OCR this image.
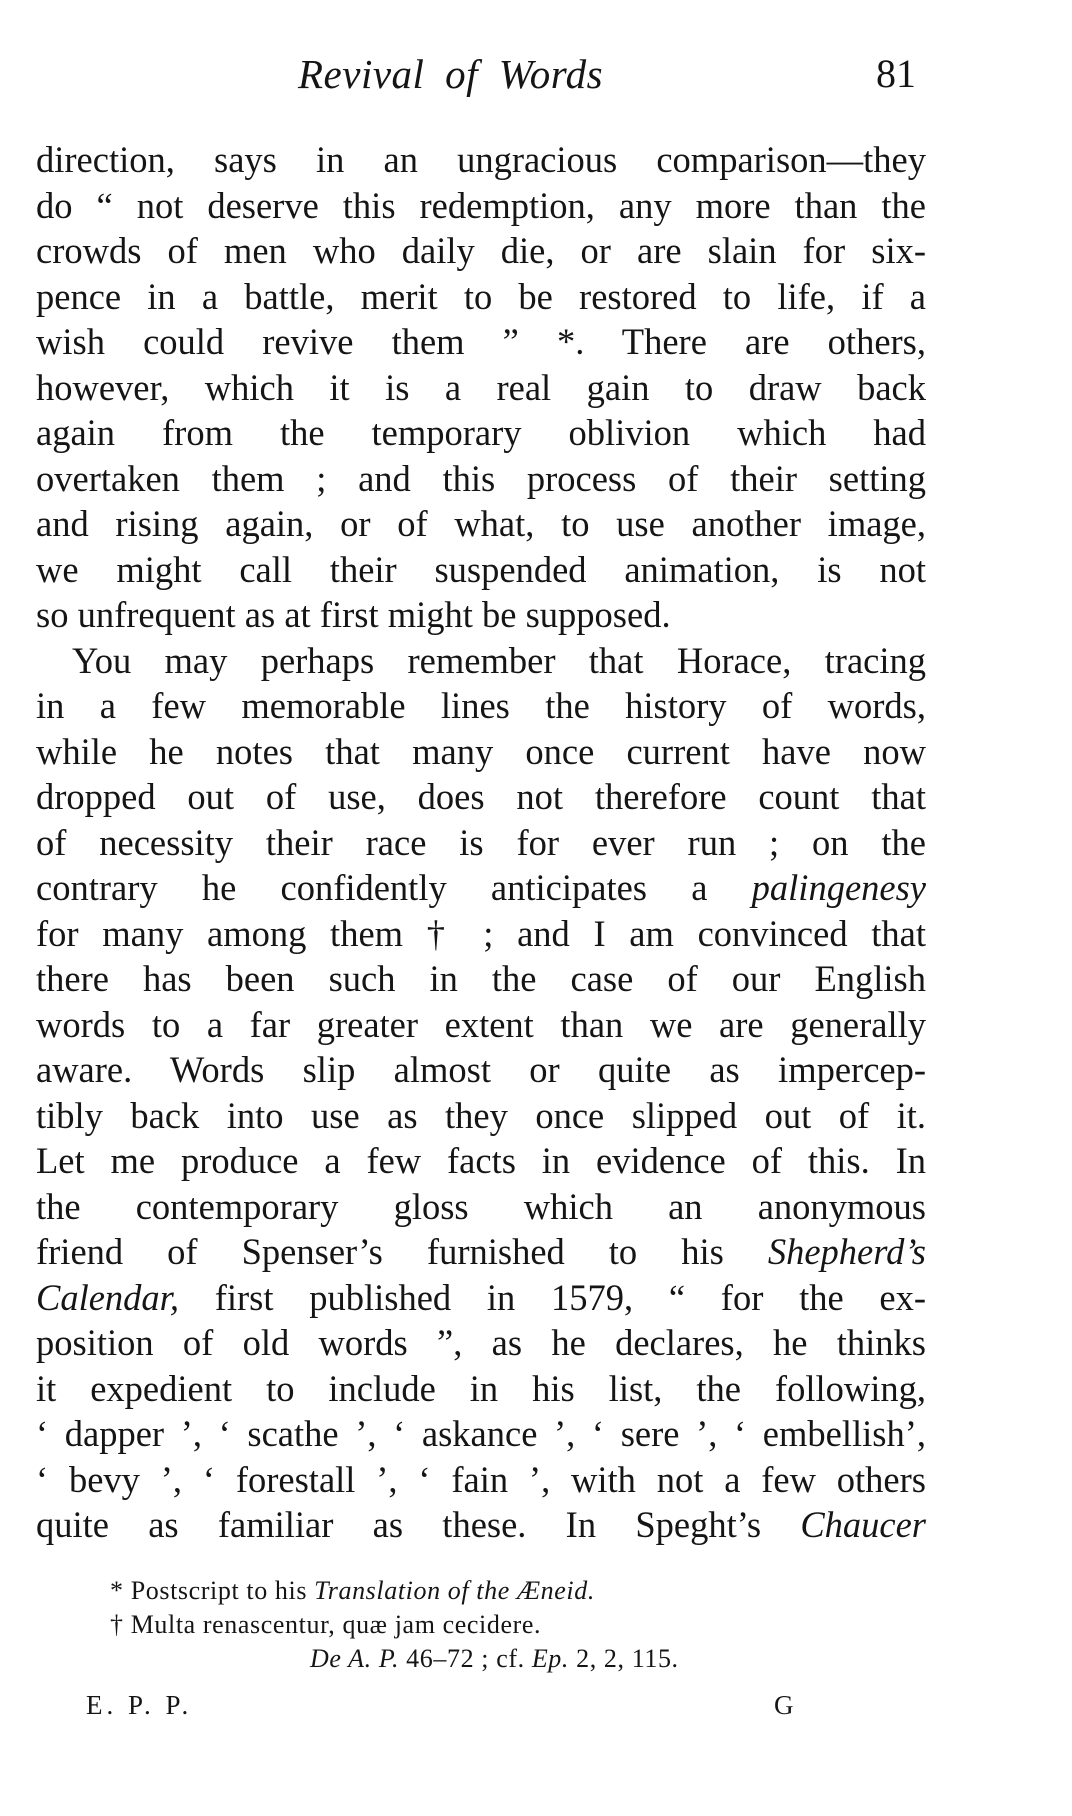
Revival of Words	81
direction, says in an ungracious comparison—they
do “ not deserve this redemption, any more than the
crowds of men who daily die, or are slain for six-
pence in a battle, merit to be restored to life, if a
wish could revive them ” *. There are others,
however, which it is a real gain to draw back
again from the temporary oblivion which had
overtaken them ; and this process of their setting
and rising again, or of what, to use another image,
we might call their suspended animation, is not
so unfrequent as at first might be supposed.
You may perhaps remember that Horace, tracing
in a few memorable lines the history of words,
while he notes that many once current have now
dropped out of use, does not therefore count that
of necessity their race is for ever run ; on the
contrary he confidently anticipates a palingenesy
for many among them † ; and I am convinced that
there has been such in the case of our English
words to a far greater extent than we are generally
aware. Words slip almost or quite as impercep-
tibly back into use as they once slipped out of it.
Let me produce a few facts in evidence of this. In
the contemporary gloss which an anonymous
friend of Spenser’s furnished to his Shepherd’s
Calendar, first published in 1579, “ for the ex-
position of old words ”, as he declares, he thinks
it expedient to include in his list, the following,
‘ dapper ’, ‘ scathe ’, ‘ askance ’, ‘ sere ’, ‘ embellish’,
‘ bevy ’, ‘ forestall ’, ‘ fain ’, with not a few others
quite as familiar as these. In Speght’s Chaucer
* Postscript to his Translation of the Æneid.
† Multa renascentur, quæ jam cecidere.
De A. P. 46–72 ; cf. Ep. 2, 2, 115.
E. P. P.	G
